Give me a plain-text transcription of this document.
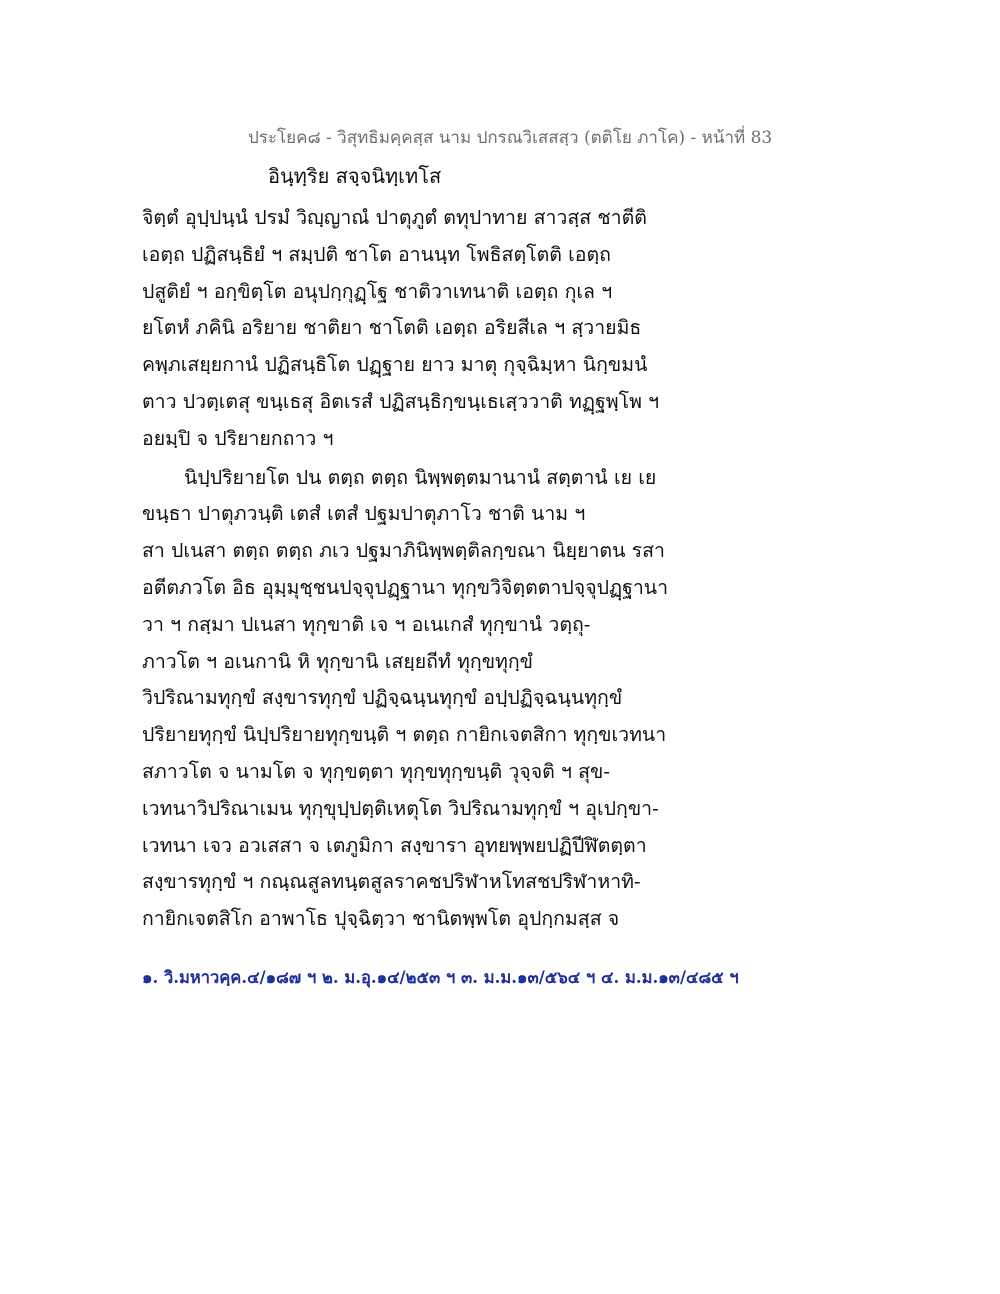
ประโยค๘ - วิสุทธิมคฺคสฺส นาม ปกรณวิเสสสฺว (ตติโย ภาโค) - หน้าที่ 83
อินฺทฺริย สจฺจนิทฺเทโส
จิตฺตํ อุปฺปนฺนํ ปรมํ วิญฺญาณํ ปาตุภูตํ ตทุปาทาย สาวสฺส ชาตีติ
เอตฺถ ปฏิสนฺธิยํ ฯ สมฺปติ ชาโต อานนฺท โพธิสตฺโตติ เอตฺถ
ปสูติยํ ฯ อกฺขิตฺโต อนุปกฺกุฏฺโฐ ชาติวาเทนาติ เอตฺถ กุเล ฯ
ยโตหํ ภคินิ อริยาย ชาติยา ชาโตติ เอตฺถ อริยสีเล ฯ สฺวายมิธ
คพฺภเสยฺยกานํ ปฏิสนฺธิโต ปฏฺฐาย ยาว มาตุ กุจฺฉิมฺหา นิกฺขมนํ
ตาว ปวตฺเตสุ ขนฺเธสุ อิตเรสํ ปฏิสนฺธิกฺขนฺเธเสฺววาติ ทฏฺฐพฺโพ ฯ
อยมฺปิ จ ปริยายกถาว ฯ
นิปฺปริยายโต ปน ตตฺถ ตตฺถ นิพฺพตฺตมานานํ สตฺตานํ เย เย
ขนฺธา ปาตุภวนฺติ เตสํ เตสํ ปฐมปาตุภาโว ชาติ นาม ฯ
สา ปเนสา ตตฺถ ตตฺถ ภเว ปฐมาภินิพฺพตฺติลกฺขณา นิยฺยาตน รสา
อตีตภวโต อิธ อุมฺมุชฺชนปจฺจุปฏฺฐานา ทุกฺขวิจิตฺตตาปจฺจุปฏฺฐานา
วา ฯ กสฺมา ปเนสา ทุกฺขาติ เจ ฯ อเนเกสํ ทุกฺขานํ วตฺถุ-
ภาวโต ฯ อเนกานิ หิ ทุกฺขานิ เสยฺยถีทํ ทุกฺขทุกฺขํ
วิปริณามทุกฺขํ สงฺขารทุกฺขํ ปฏิจฺฉนฺนทุกฺขํ อปฺปฏิจฺฉนฺนทุกฺขํ
ปริยายทุกฺขํ นิปฺปริยายทุกฺขนฺติ ฯ ตตฺถ กายิกเจตสิกา ทุกฺขเวทนา
สภาวโต จ นามโต จ ทุกฺขตฺตา ทุกฺขทุกฺขนฺติ วุจฺจติ ฯ สุข-
เวทนาวิปริณาเมน ทุกฺขุปฺปตฺติเหตุโต วิปริณามทุกฺขํ ฯ อุเปกฺขา-
เวทนา เจว อวเสสา จ เตภูมิกา สงฺขารา อุทยพฺพยปฏิปีฬิตตฺตา
สงฺขารทุกฺขํ ฯ กณฺณสูลทนฺตสูลราคชปริฬาหโทสชปริฬาหาทิ-
กายิกเจตสิโก อาพาโธ ปุจฺฉิตฺวา ชานิตพฺพโต อุปกฺกมสฺส จ
๑. วิ.มหาวคฺค.๔/๑๘๗ ฯ ๒. ม.อุ.๑๔/๒๕๓ ฯ ๓. ม.ม.๑๓/๕๖๔ ฯ ๔. ม.ม.๑๓/๔๘๕ ฯ
